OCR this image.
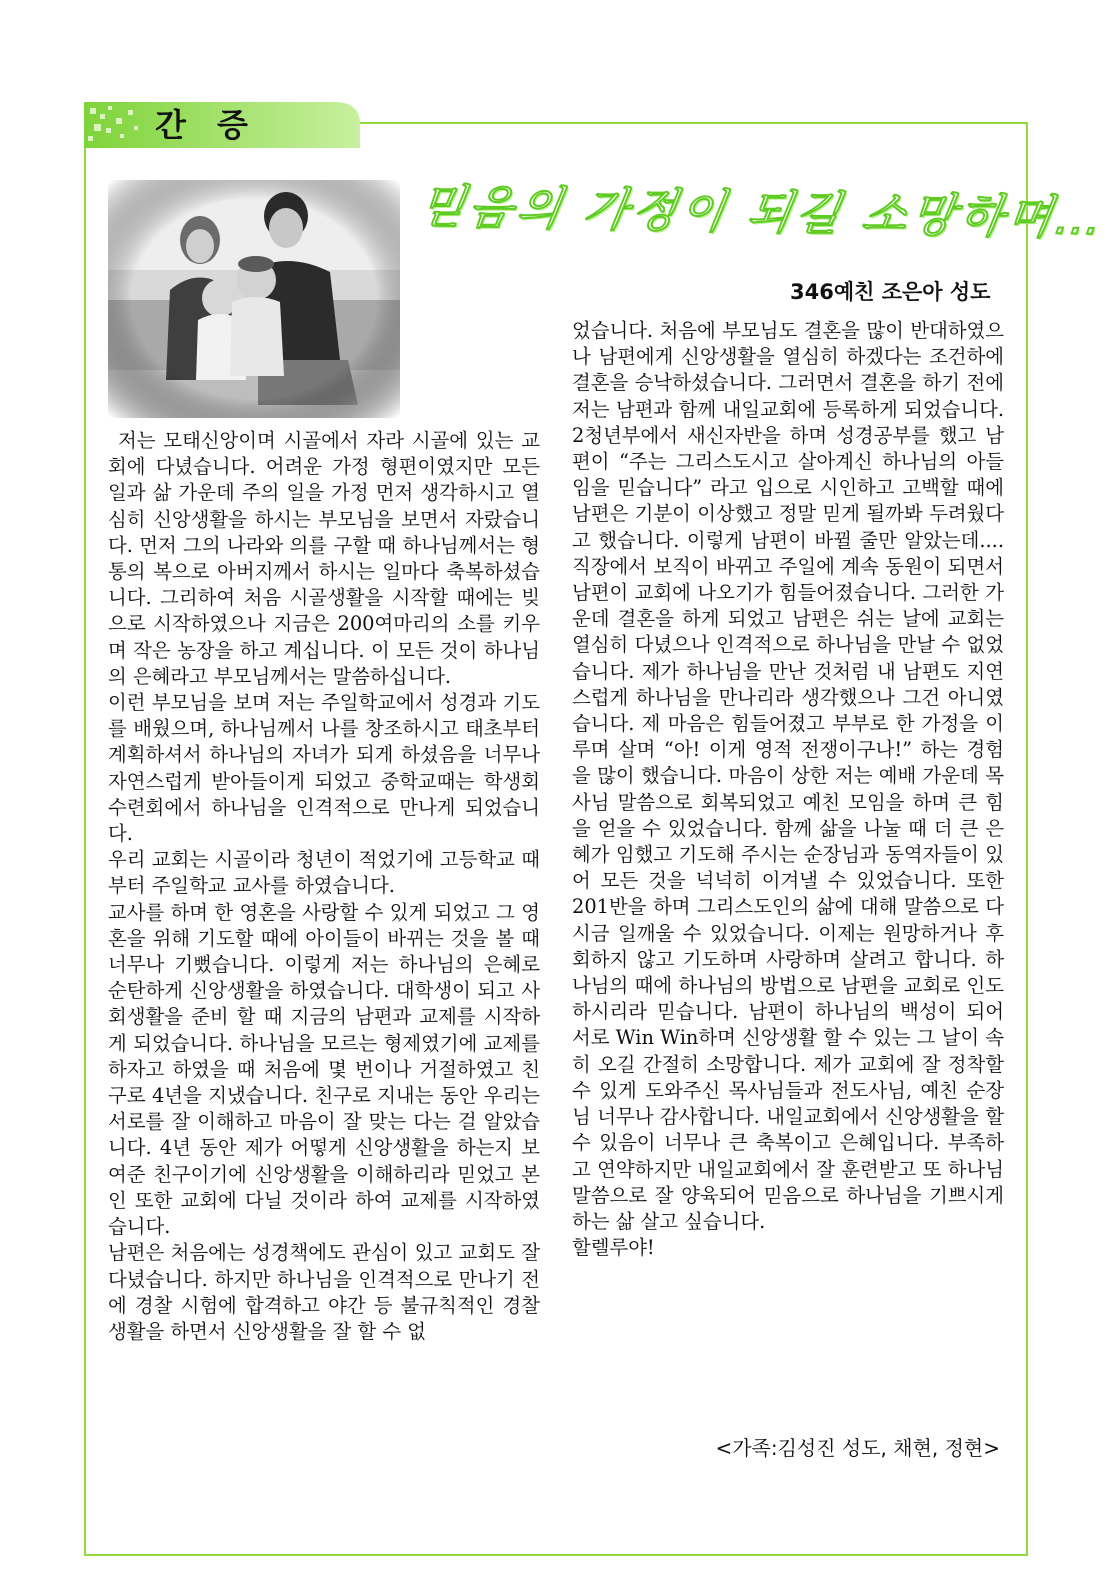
간 증
믿음의 가정이 되길 소망하며…
346예친 조은아 성도

저는 모태신앙이며 시골에서 자라 시골에 있는 교회에 다녔습니다. 어려운 가정 형편이였지만 모든 일과 삶 가운데 주의 일을 가정 먼저 생각하시고 열심히 신앙생활을 하시는 부모님을 보면서 자랐습니다. 먼저 그의 나라와 의를 구할 때 하나님께서는 형통의 복으로 아버지께서 하시는 일마다 축복하셨습니다. 그리하여 처음 시골생활을 시작할 때에는 빚으로 시작하였으나 지금은 200여마리의 소를 키우며 작은 농장을 하고 계십니다. 이 모든 것이 하나님의 은혜라고 부모님께서는 말씀하십니다.

이런 부모님을 보며 저는 주일학교에서 성경과 기도를 배웠으며, 하나님께서 나를 창조하시고 태초부터 계획하셔서 하나님의 자녀가 되게 하셨음을 너무나 자연스럽게 받아들이게 되었고 중학교때는 학생회 수련회에서 하나님을 인격적으로 만나게 되었습니다.

우리 교회는 시골이라 청년이 적었기에 고등학교 때부터 주일학교 교사를 하였습니다.

교사를 하며 한 영혼을 사랑할 수 있게 되었고 그 영혼을 위해 기도할 때에 아이들이 바뀌는 것을 볼 때 너무나 기뻤습니다. 이렇게 저는 하나님의 은혜로 순탄하게 신앙생활을 하였습니다. 대학생이 되고 사회생활을 준비 할 때 지금의 남편과 교제를 시작하게 되었습니다. 하나님을 모르는 형제였기에 교제를 하자고 하였을 때 처음에 몇 번이나 거절하였고 친구로 4년을 지냈습니다. 친구로 지내는 동안 우리는 서로를 잘 이해하고 마음이 잘 맞는 다는 걸 알았습니다. 4년 동안 제가 어떻게 신앙생활을 하는지 보여준 친구이기에 신앙생활을 이해하리라 믿었고 본인 또한 교회에 다닐 것이라 하여 교제를 시작하였습니다.

남편은 처음에는 성경책에도 관심이 있고 교회도 잘 다녔습니다. 하지만 하나님을 인격적으로 만나기 전에 경찰 시험에 합격하고 야간 등 불규칙적인 경찰 생활을 하면서 신앙생활을 잘 할 수 없

었습니다. 처음에 부모님도 결혼을 많이 반대하였으나 남편에게 신앙생활을 열심히 하겠다는 조건하에 결혼을 승낙하셨습니다. 그러면서 결혼을 하기 전에 저는 남편과 함께 내일교회에 등록하게 되었습니다. 2청년부에서 새신자반을 하며 성경공부를 했고 남편이 “주는 그리스도시고 살아계신 하나님의 아들임을 믿습니다” 라고 입으로 시인하고 고백할 때에 남편은 기분이 이상했고 정말 믿게 될까봐 두려웠다고 했습니다. 이렇게 남편이 바뀔 줄만 알았는데.... 직장에서 보직이 바뀌고 주일에 계속 동원이 되면서 남편이 교회에 나오기가 힘들어졌습니다. 그러한 가운데 결혼을 하게 되었고 남편은 쉬는 날에 교회는 열심히 다녔으나 인격적으로 하나님을 만날 수 없었습니다. 제가 하나님을 만난 것처럼 내 남편도 지연스럽게 하나님을 만나리라 생각했으나 그건 아니였습니다. 제 마음은 힘들어졌고 부부로 한 가정을 이루며 살며 “아! 이게 영적 전쟁이구나!” 하는 경험을 많이 했습니다. 마음이 상한 저는 예배 가운데 목사님 말씀으로 회복되었고 예친 모임을 하며 큰 힘을 얻을 수 있었습니다. 함께 삶을 나눌 때 더 큰 은혜가 임했고 기도해 주시는 순장님과 동역자들이 있어 모든 것을 넉넉히 이겨낼 수 있었습니다. 또한 201반을 하며 그리스도인의 삶에 대해 말씀으로 다시금 일깨울 수 있었습니다. 이제는 원망하거나 후회하지 않고 기도하며 사랑하며 살려고 합니다. 하나님의 때에 하나님의 방법으로 남편을 교회로 인도하시리라 믿습니다. 남편이 하나님의 백성이 되어 서로 Win Win하며 신앙생활 할 수 있는 그 날이 속히 오길 간절히 소망합니다. 제가 교회에 잘 정착할 수 있게 도와주신 목사님들과 전도사님, 예친 순장님 너무나 감사합니다. 내일교회에서 신앙생활을 할 수 있음이 너무나 큰 축복이고 은혜입니다. 부족하고 연약하지만 내일교회에서 잘 훈련받고 또 하나님 말씀으로 잘 양육되어 믿음으로 하나님을 기쁘시게 하는 삶 살고 싶습니다.

할렐루야!

<가족:김성진 성도, 채현, 정현>
